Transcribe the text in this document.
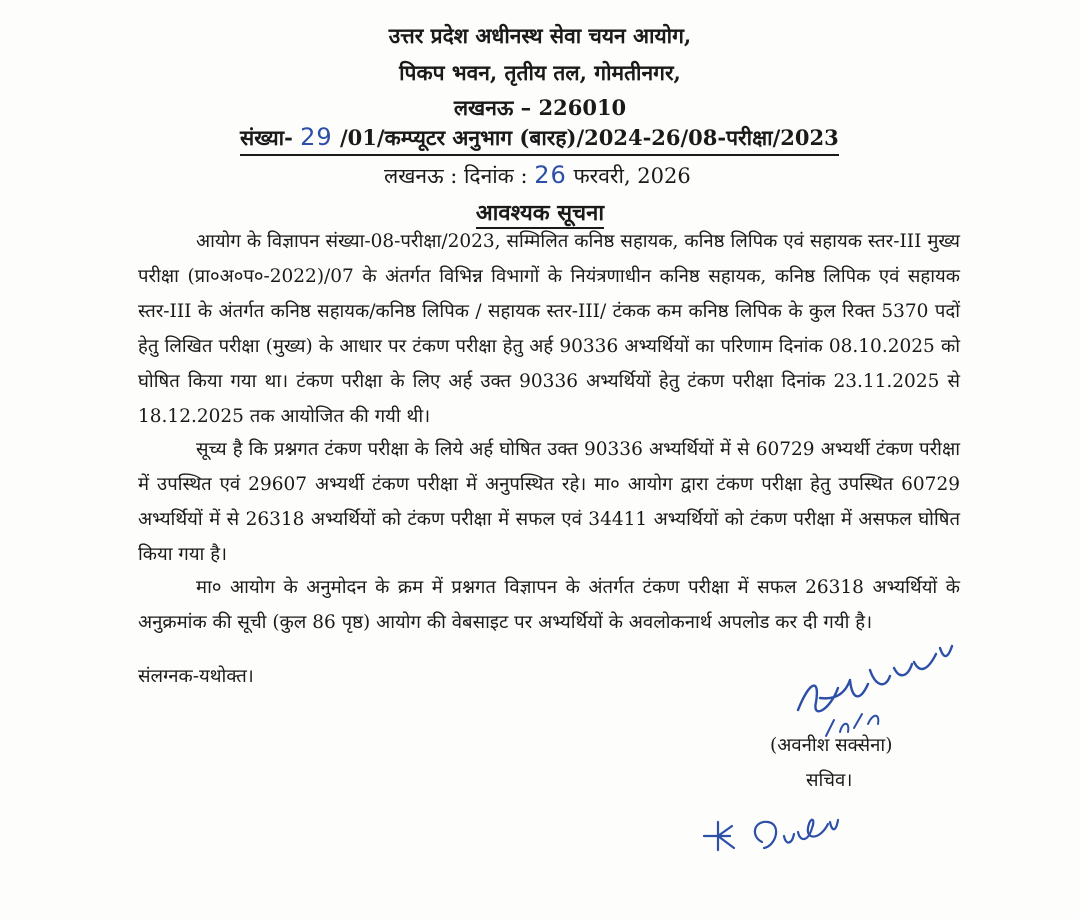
उत्तर प्रदेश अधीनस्थ सेवा चयन आयोग,
पिकप भवन, तृतीय तल, गोमतीनगर,
लखनऊ – 226010
संख्या- 29 /01/कम्प्यूटर अनुभाग (बारह)/2024-26/08-परीक्षा/2023
लखनऊ : दिनांक : 26 फरवरी, 2026
आवश्यक सूचना

आयोग के विज्ञापन संख्या-08-परीक्षा/2023, सम्मिलित कनिष्ठ सहायक, कनिष्ठ लिपिक एवं सहायक स्तर-III मुख्य परीक्षा (प्रा०अ०प०-2022)/07 के अंतर्गत विभिन्न विभागों के नियंत्रणाधीन कनिष्ठ सहायक, कनिष्ठ लिपिक एवं सहायक स्तर-III के अंतर्गत कनिष्ठ सहायक/कनिष्ठ लिपिक / सहायक स्तर-III/ टंकक कम कनिष्ठ लिपिक के कुल रिक्त 5370 पदों हेतु लिखित परीक्षा (मुख्य) के आधार पर टंकण परीक्षा हेतु अर्ह 90336 अभ्यर्थियों का परिणाम दिनांक 08.10.2025 को घोषित किया गया था। टंकण परीक्षा के लिए अर्ह उक्त 90336 अभ्यर्थियों हेतु टंकण परीक्षा दिनांक 23.11.2025 से 18.12.2025 तक आयोजित की गयी थी।

सूच्य है कि प्रश्नगत टंकण परीक्षा के लिये अर्ह घोषित उक्त 90336 अभ्यर्थियों में से 60729 अभ्यर्थी टंकण परीक्षा में उपस्थित एवं 29607 अभ्यर्थी टंकण परीक्षा में अनुपस्थित रहे। मा० आयोग द्वारा टंकण परीक्षा हेतु उपस्थित 60729 अभ्यर्थियों में से 26318 अभ्यर्थियों को टंकण परीक्षा में सफल एवं 34411 अभ्यर्थियों को टंकण परीक्षा में असफल घोषित किया गया है।

मा० आयोग के अनुमोदन के क्रम में प्रश्नगत विज्ञापन के अंतर्गत टंकण परीक्षा में सफल 26318 अभ्यर्थियों के अनुक्रमांक की सूची (कुल 86 पृष्ठ) आयोग की वेबसाइट पर अभ्यर्थियों के अवलोकनार्थ अपलोड कर दी गयी है।

संलग्नक-यथोक्त।
(अवनीश सक्सेना)
सचिव।
